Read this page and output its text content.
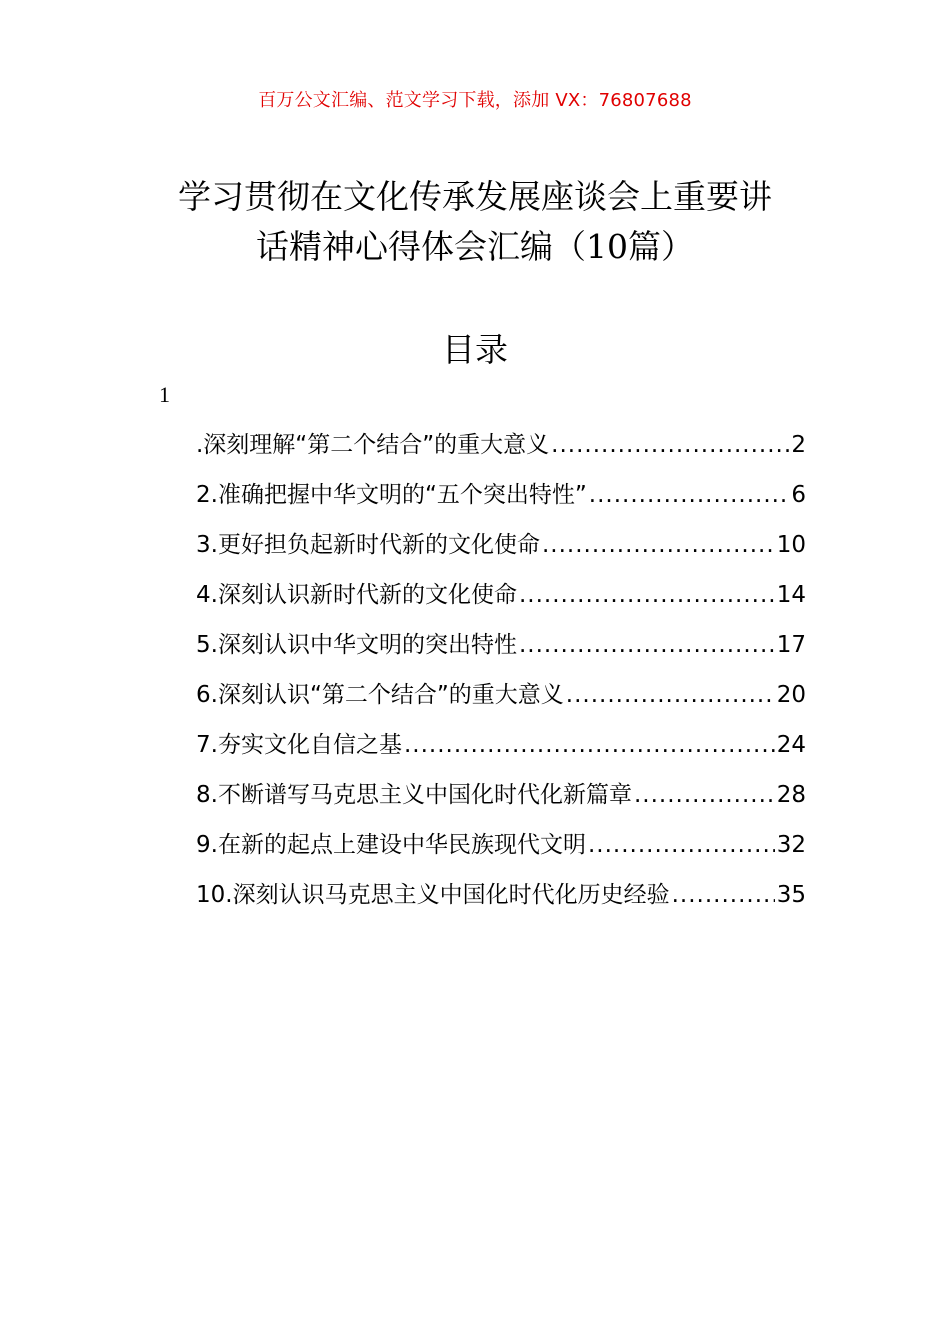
百万公文汇编、范文学习下载，添加 VX：76807688
学习贯彻在文化传承发展座谈会上重要讲
话精神心得体会汇编（10篇）
目录
1
.深刻理解“第二个结合”的重大意义 .....	2
2.准确把握中华文明的“五个突出特性” .....	6
3.更好担负起新时代新的文化使命 .....	10
4.深刻认识新时代新的文化使命 .....	14
5.深刻认识中华文明的突出特性 .....	17
6.深刻认识“第二个结合”的重大意义 .....	20
7.夯实文化自信之基 .....	24
8.不断谱写马克思主义中国化时代化新篇章 .....	28
9.在新的起点上建设中华民族现代文明 .....	32
10.深刻认识马克思主义中国化时代化历史经验 .....	35
